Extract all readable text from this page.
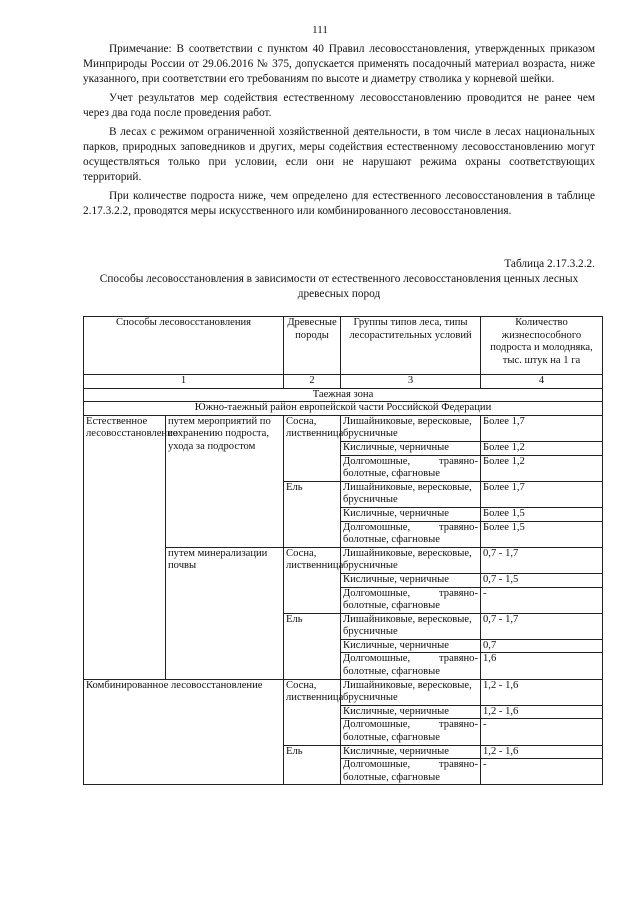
111

Примечание: В соответствии с пунктом 40 Правил лесовосстановления, утвержденных приказом Минприроды России от 29.06.2016 № 375, допускается применять посадочный материал возраста, ниже указанного, при соответствии его требованиям по высоте и диаметру стволика у корневой шейки.

Учет результатов мер содействия естественному лесовосстановлению проводится не ранее чем через два года после проведения работ.

В лесах с режимом ограниченной хозяйственной деятельности, в том числе в лесах национальных парков, природных заповедников и других, меры содействия естественному лесовосстановлению могут осуществляться только при условии, если они не нарушают режима охраны соответствующих территорий.

При количестве подроста ниже, чем определено для естественного лесовосстановления в таблице 2.17.3.2.2, проводятся меры искусственного или комбинированного лесовосстановления.

Таблица 2.17.3.2.2.
Способы лесовосстановления в зависимости от естественного лесовосстановления ценных лесных древесных пород
Способы лесовосстановления		Древесные породы	Группы типов леса, типы лесорастительных условий	Количество жизнеспособного подроста и молодняка, тыс. штук на 1 га
1		2	3	4
Таежная зона				
Южно-таежный район европейской части Российской Федерации				
Естественное лесовосстановление	путем мероприятий по сохранению подроста, ухода за подростом	Сосна, лиственница	Лишайниковые, вересковые, брусничные	Более 1,7
			Кисличные, черничные	Более 1,2
			Долгомошные, травяно-болотные, сфагновые	Более 1,2
		Ель	Лишайниковые, вересковые, брусничные	Более 1,7
			Кисличные, черничные	Более 1,5
			Долгомошные, травяно-болотные, сфагновые	Более 1,5
	путем минерализации почвы	Сосна, лиственница	Лишайниковые, вересковые, брусничные	0,7 - 1,7
			Кисличные, черничные	0,7 - 1,5
			Долгомошные, травяно-болотные, сфагновые	-
		Ель	Лишайниковые, вересковые, брусничные	0,7 - 1,7
			Кисличные, черничные	0,7
			Долгомошные, травяно-болотные, сфагновые	1,6
Комбинированное лесовосстановление		Сосна, лиственница	Лишайниковые, вересковые, брусничные	1,2 - 1,6
			Кисличные, черничные	1,2 - 1,6
			Долгомошные, травяно-болотные, сфагновые	-
		Ель	Кисличные, черничные	1,2 - 1,6
			Долгомошные, травяно-болотные, сфагновые	-
